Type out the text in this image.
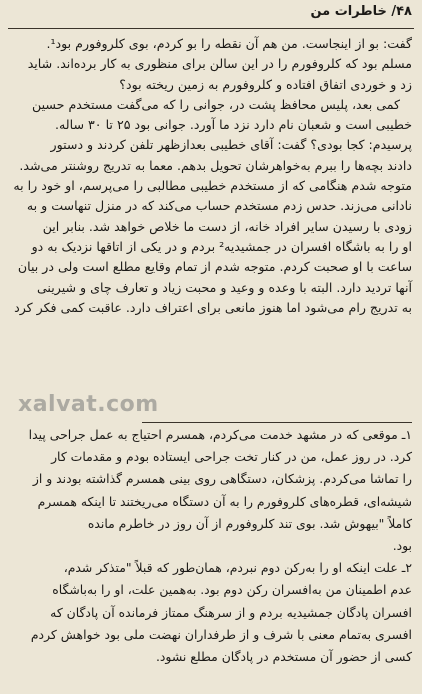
۴۸/ خاطرات من

گفت: بو از اینجاست. من هم آن نقطه را بو کردم، بوی کلروفورم بود¹.

مسلم بود که کلروفورم را در این سالن برای منظوری به کار برده‌اند. شاید

زد و خوردی اتفاق افتاده و کلروفورم به زمین ریخته بود؟

کمی بعد، پلیس محافظ پشت در، جوانی را که می‌گفت مستخدم حسین

خطیبی است و شعبان نام دارد نزد ما آورد. جوانی بود ۲۵ تا ۳۰ ساله.

پرسیدم: کجا بودی؟ گفت: آقای خطیبی بعدازظهر تلفن کردند و دستور

دادند بچه‌ها را ببرم به‌خواهرشان تحویل بدهم. معما به تدریج روشنتر می‌شد.

متوجه شدم هنگامی که از مستخدم خطیبی مطالبی را می‌پرسم، او خود را به

نادانی می‌زند. حدس زدم مستخدم حساب می‌کند که در منزل تنهاست و به

زودی با رسیدن سایر افراد خانه، از دست ما خلاص خواهد شد. بنابر این

او را به باشگاه افسران در جمشیدیه² بردم و در یکی از اتاقها نزدیک به دو

ساعت با او صحبت کردم. متوجه شدم از تمام وقایع مطلع است ولی در بیان

آنها تردید دارد. البته با وعده و وعید و محبت زیاد و تعارف چای و شیرینی

به تدریج رام می‌شود اما هنوز مانعی برای اعتراف دارد. عاقبت کمی فکر کرد

xalvat.com

۱ـ موقعی که در مشهد خدمت می‌کردم، همسرم احتیاج به عمل جراحی پیدا

کرد. در روز عمل، من در کنار تخت جراحی ایستاده بودم و مقدمات کار

را تماشا می‌کردم. پزشکان، دستگاهی روی بینی همسرم گذاشته بودند و از

شیشه‌ای، قطره‌های کلروفورم را به آن دستگاه می‌ریختند تا اینکه همسرم

کاملاً "بیهوش شد. بوی تند کلروفورم از آن روز در خاطرم مانده

بود.

۲ـ علت اینکه او را به‌رکن دوم نبردم، همان‌طور که قبلاً "متذکر شدم،

عدم اطمینان من به‌افسران رکن دوم بود. به‌همین علت، او را به‌باشگاه

افسران پادگان جمشیدیه بردم و از سرهنگ ممتاز فرمانده آن پادگان که

افسری به‌تمام معنی با شرف و از طرفداران نهضت ملی بود خواهش کردم

کسی از حضور آن مستخدم در پادگان مطلع نشود.
